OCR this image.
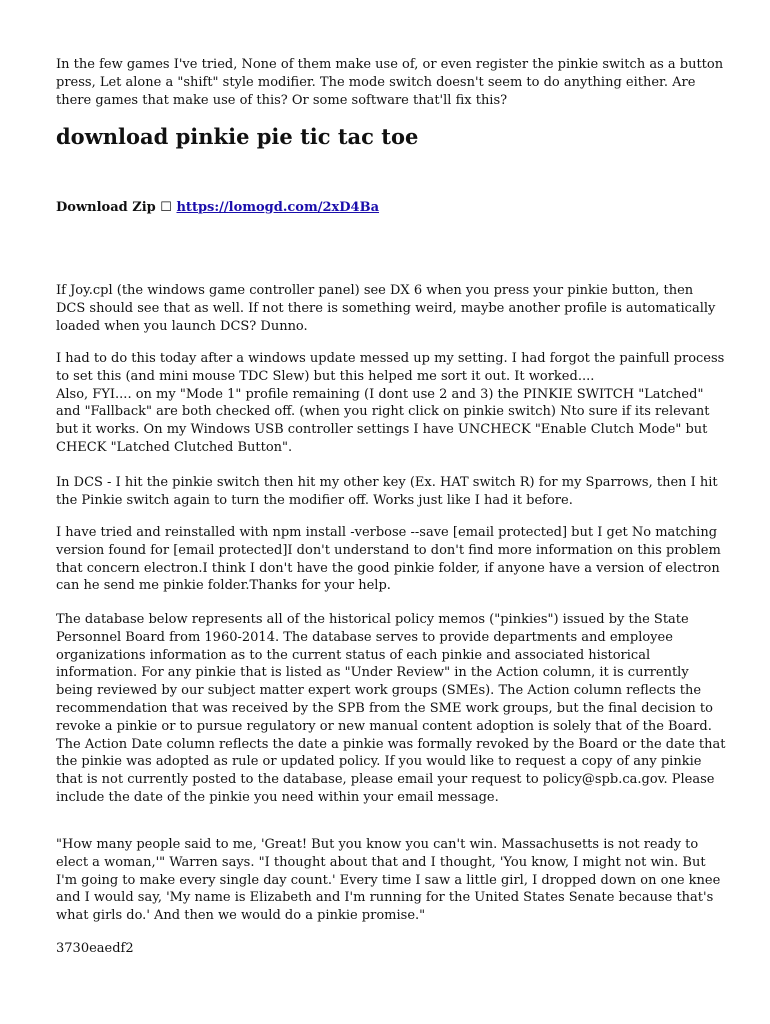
In the few games I've tried, None of them make use of, or even register the pinkie switch as a button
press, Let alone a "shift" style modifier. The mode switch doesn't seem to do anything either. Are
there games that make use of this? Or some software that'll fix this?

download pinkie pie tic tac toe
Download Zip ☐ https://lomogd.com/2xD4Ba

If Joy.cpl (the windows game controller panel) see DX 6 when you press your pinkie button, then
DCS should see that as well. If not there is something weird, maybe another profile is automatically
loaded when you launch DCS? Dunno.

I had to do this today after a windows update messed up my setting. I had forgot the painfull process
to set this (and mini mouse TDC Slew) but this helped me sort it out. It worked....
Also, FYI.... on my "Mode 1" profile remaining (I dont use 2 and 3) the PINKIE SWITCH "Latched"
and "Fallback" are both checked off. (when you right click on pinkie switch) Nto sure if its relevant
but it works. On my Windows USB controller settings I have UNCHECK "Enable Clutch Mode" but
CHECK "Latched Clutched Button".

In DCS - I hit the pinkie switch then hit my other key (Ex. HAT switch R) for my Sparrows, then I hit
the Pinkie switch again to turn the modifier off. Works just like I had it before.

I have tried and reinstalled with npm install -verbose --save [email protected] but I get No matching
version found for [email protected]I don't understand to don't find more information on this problem
that concern electron.I think I don't have the good pinkie folder, if anyone have a version of electron
can he send me pinkie folder.Thanks for your help.

The database below represents all of the historical policy memos ("pinkies") issued by the State
Personnel Board from 1960-2014. The database serves to provide departments and employee
organizations information as to the current status of each pinkie and associated historical
information. For any pinkie that is listed as "Under Review" in the Action column, it is currently
being reviewed by our subject matter expert work groups (SMEs). The Action column reflects the
recommendation that was received by the SPB from the SME work groups, but the final decision to
revoke a pinkie or to pursue regulatory or new manual content adoption is solely that of the Board.
The Action Date column reflects the date a pinkie was formally revoked by the Board or the date that
the pinkie was adopted as rule or updated policy. If you would like to request a copy of any pinkie
that is not currently posted to the database, please email your request to policy@spb.ca.gov. Please
include the date of the pinkie you need within your email message.

"How many people said to me, 'Great! But you know you can't win. Massachusetts is not ready to
elect a woman,'" Warren says. "I thought about that and I thought, 'You know, I might not win. But
I'm going to make every single day count.' Every time I saw a little girl, I dropped down on one knee
and I would say, 'My name is Elizabeth and I'm running for the United States Senate because that's
what girls do.' And then we would do a pinkie promise."

3730eaedf2
